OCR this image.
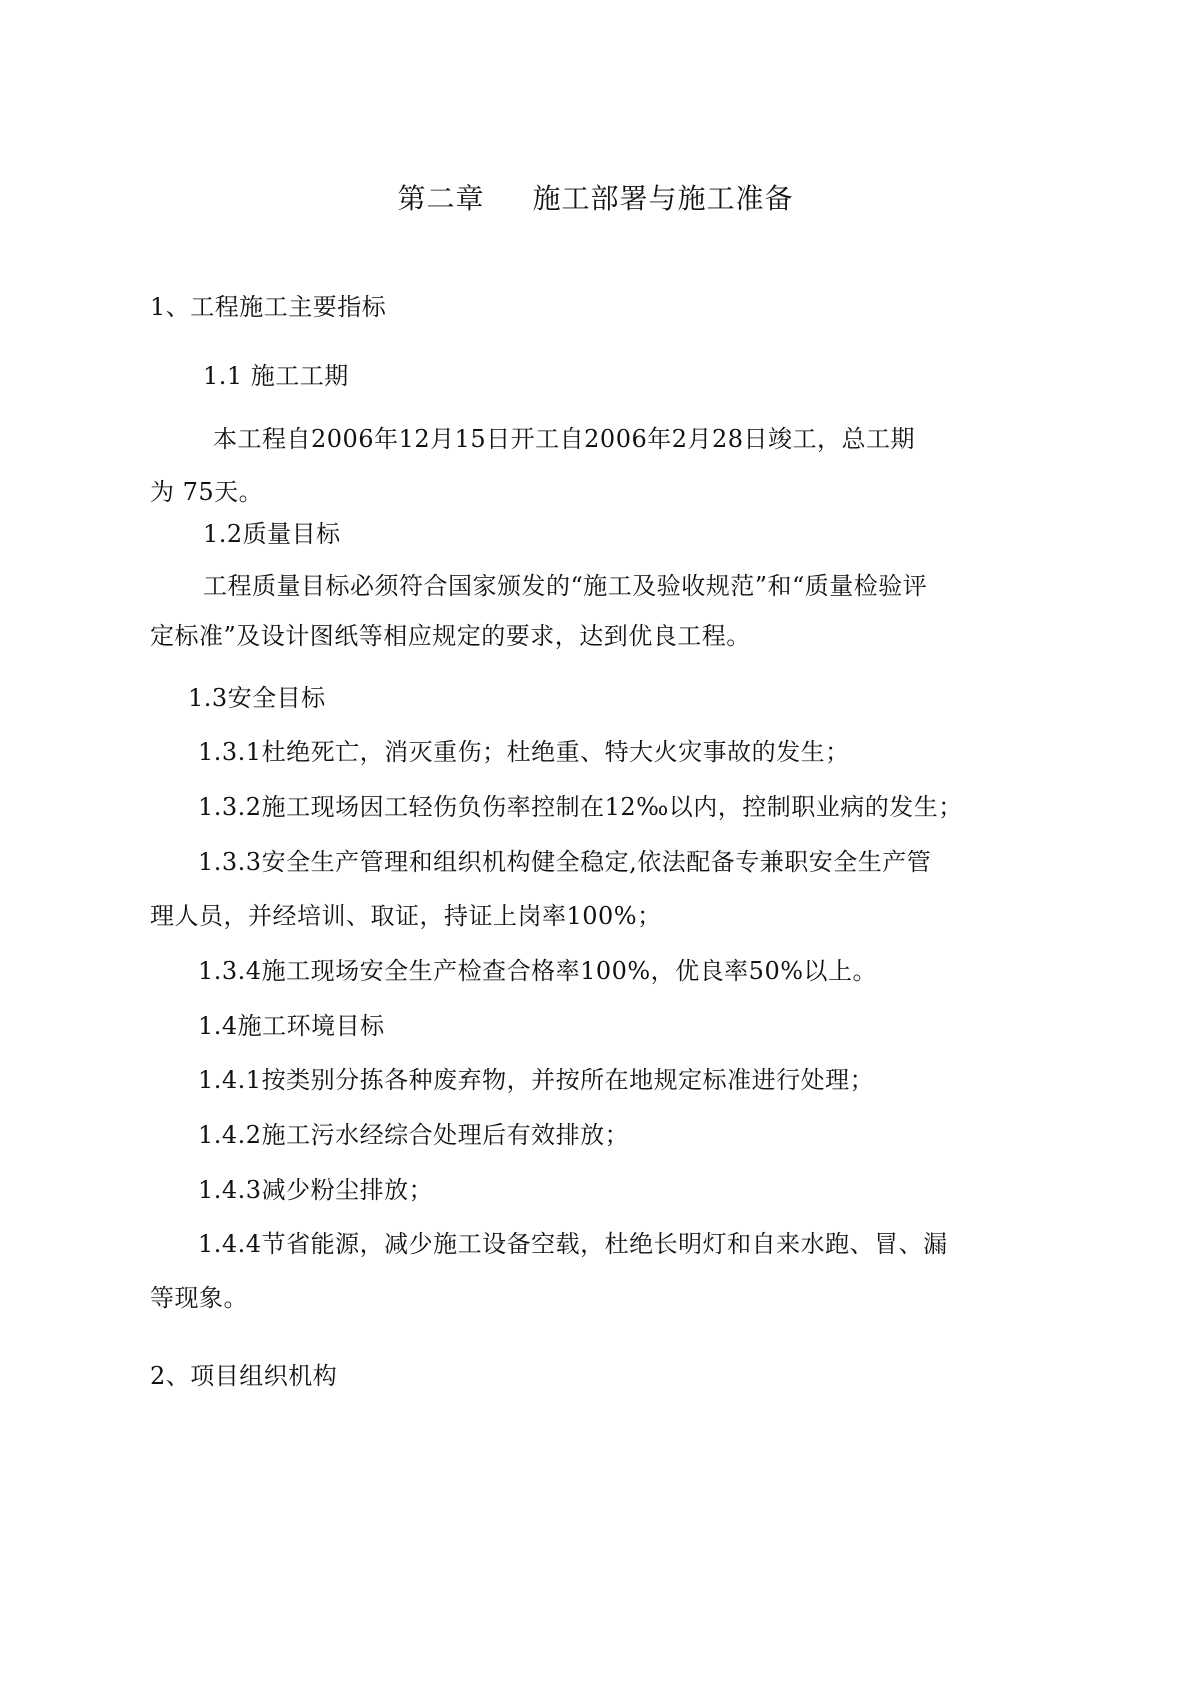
第二章 施工部署与施工准备
1、工程施工主要指标
1.1 施工工期
本工程自2006年12月15日开工自2006年2月28日竣工，总工期
为 75天。
1.2质量目标
工程质量目标必须符合国家颁发的“施工及验收规范”和“质量检验评
定标准”及设计图纸等相应规定的要求，达到优良工程。
1.3安全目标
1.3.1杜绝死亡，消灭重伤；杜绝重、特大火灾事故的发生；
1.3.2施工现场因工轻伤负伤率控制在12‰以内，控制职业病的发生；
1.3.3安全生产管理和组织机构健全稳定,依法配备专兼职安全生产管
理人员，并经培训、取证，持证上岗率100%；
1.3.4施工现场安全生产检查合格率100%，优良率50%以上。
1.4施工环境目标
1.4.1按类别分拣各种废弃物，并按所在地规定标准进行处理；
1.4.2施工污水经综合处理后有效排放；
1.4.3减少粉尘排放；
1.4.4节省能源，减少施工设备空载，杜绝长明灯和自来水跑、冒、漏
等现象。
2、项目组织机构
